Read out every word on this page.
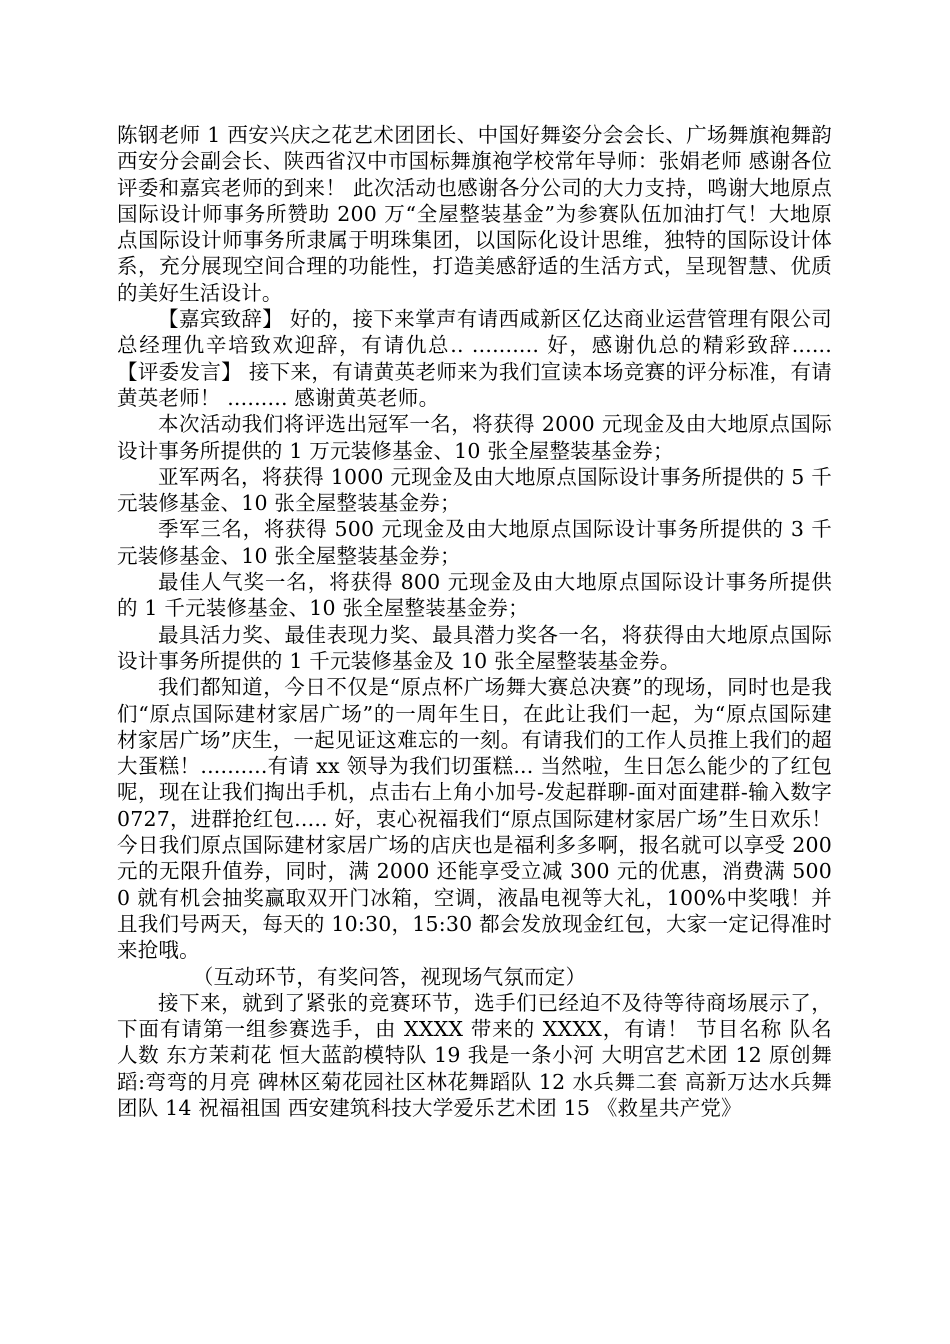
陈钢老师 1 西安兴庆之花艺术团团长、中国好舞姿分会会长、广场舞旗袍舞韵西安分会副会长、陕西省汉中市国标舞旗袍学校常年导师：张娟老师 感谢各位评委和嘉宾老师的到来！ 此次活动也感谢各分公司的大力支持，鸣谢大地原点国际设计师事务所赞助 200 万“全屋整装基金”为参赛队伍加油打气！大地原点国际设计师事务所隶属于明珠集团，以国际化设计思维，独特的国际设计体系，充分展现空间合理的功能性，打造美感舒适的生活方式，呈现智慧、优质的美好生活设计。

【嘉宾致辞】 好的，接下来掌声有请西咸新区亿达商业运营管理有限公司总经理仇辛培致欢迎辞，有请仇总.. .......... 好，感谢仇总的精彩致辞...... 【评委发言】 接下来，有请黄英老师来为我们宣读本场竞赛的评分标准，有请黄英老师！ ......... 感谢黄英老师。

本次活动我们将评选出冠军一名，将获得 2000 元现金及由大地原点国际设计事务所提供的 1 万元装修基金、10 张全屋整装基金券；

亚军两名，将获得 1000 元现金及由大地原点国际设计事务所提供的 5 千元装修基金、10 张全屋整装基金券；

季军三名，将获得 500 元现金及由大地原点国际设计事务所提供的 3 千元装修基金、10 张全屋整装基金券；

最佳人气奖一名，将获得 800 元现金及由大地原点国际设计事务所提供的 1 千元装修基金、10 张全屋整装基金券；

最具活力奖、最佳表现力奖、最具潜力奖各一名，将获得由大地原点国际设计事务所提供的 1 千元装修基金及 10 张全屋整装基金券。

我们都知道，今日不仅是“原点杯广场舞大赛总决赛”的现场，同时也是我们“原点国际建材家居广场”的一周年生日，在此让我们一起，为“原点国际建材家居广场”庆生，一起见证这难忘的一刻。有请我们的工作人员推上我们的超大蛋糕！..........有请 xx 领导为我们切蛋糕... 当然啦，生日怎么能少的了红包呢，现在让我们掏出手机，点击右上角小加号-发起群聊-面对面建群-输入数字 0727，进群抢红包..... 好，衷心祝福我们“原点国际建材家居广场”生日欢乐！今日我们原点国际建材家居广场的店庆也是福利多多啊，报名就可以享受 200 元的无限升值券，同时，满 2000 还能享受立减 300 元的优惠，消费满 5000 就有机会抽奖赢取双开门冰箱，空调，液晶电视等大礼，100%中奖哦！并且我们号两天，每天的 10:30，15:30 都会发放现金红包，大家一定记得准时来抢哦。

（互动环节，有奖问答，视现场气氛而定）

接下来，就到了紧张的竞赛环节，选手们已经迫不及待等待商场展示了，下面有请第一组参赛选手，由 XXXX 带来的 XXXX，有请！ 节目名称 队名 人数 东方茉莉花 恒大蓝韵模特队 19 我是一条小河 大明宫艺术团 12 原创舞蹈:弯弯的月亮 碑林区菊花园社区林花舞蹈队 12 水兵舞二套 高新万达水兵舞团队 14 祝福祖国 西安建筑科技大学爱乐艺术团 15 《救星共产党》
